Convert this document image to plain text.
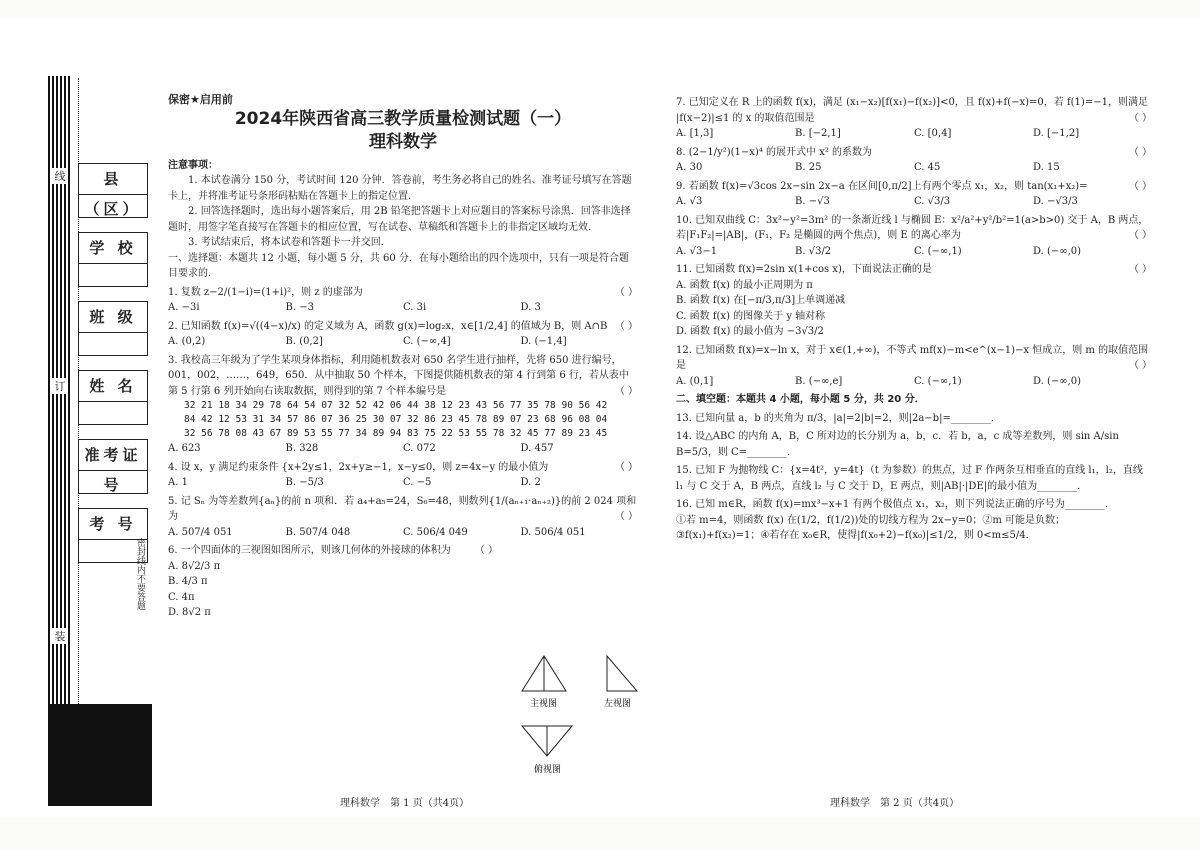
线
订
装
县（区）
学 校
班 级
姓 名
准考证号
考 号
密封线内不要答题

保密★启用前

2024年陕西省高三教学质量检测试题（一）
理科数学

注意事项：

1. 本试卷满分 150 分，考试时间 120 分钟．答卷前，考生务必将自己的姓名、准考证号填写在答题卡上，并将准考证号条形码粘贴在答题卡上的指定位置．

2. 回答选择题时，选出每小题答案后，用 2B 铅笔把答题卡上对应题目的答案标号涂黑．回答非选择题时，用签字笔直接写在答题卡的相应位置，写在试卷、草稿纸和答题卡上的非指定区域均无效．

3. 考试结束后，将本试卷和答题卡一并交回．

一、选择题：本题共 12 小题，每小题 5 分，共 60 分．在每小题给出的四个选项中，只有一项是符合题目要求的．

1. 复数 z−2/(1−i)=(1+i)²，则 z 的虚部为	（ ）

A. −3i	B. −3	C. 3i	D. 3

2. 已知函数 f(x)=√((4−x)/x) 的定义域为 A，函数 g(x)=log₂x，x∈[1/2,4] 的值域为 B，则 A∩B （ ）

A. (0,2)	B. (0,2]	C. (−∞,4]	D. (−1,4]

3. 我校高三年级为了学生某项身体指标，利用随机数表对 650 名学生进行抽样，先将 650 进行编号，001，002，……，649，650．从中抽取 50 个样本，下图提供随机数表的第 4 行到第 6 行，若从表中第 5 行第 6 列开始向右读取数据，则得到的第 7 个样本编号是	（ ）

32 21 18 34 29 78 64 54 07 32 52 42 06 44 38 12 23 43 56 77 35 78 90 56 42
84 42 12 53 31 34 57 86 07 36 25 30 07 32 86 23 45 78 89 07 23 68 96 08 04
32 56 78 08 43 67 89 53 55 77 34 89 94 83 75 22 53 55 78 32 45 77 89 23 45
A. 623	B. 328	C. 072	D. 457

4. 设 x，y 满足约束条件 {x+2y≤1，2x+y≥−1，x−y≤0，则 z=4x−y 的最小值为	（ ）

A. 1	B. −5/3	C. −5	D. 2

5. 记 Sₙ 为等差数列{aₙ}的前 n 项和．若 a₄+a₅=24，S₆=48，则数列{1/(aₙ₊₁·aₙ₊₂)}的前 2 024 项和为	（ ）

A. 507/4 051	B. 507/4 048	C. 506/4 049	D. 506/4 051

6. 一个四面体的三视图如图所示，则该几何体的外接球的体积为 （ ）

A. 8√2/3 π

B. 4/3 π

C. 4π

D. 8√2 π

主视图	左视图
俯视图

7. 已知定义在 R 上的函数 f(x)，满足 (x₁−x₂)[f(x₁)−f(x₂)]<0，且 f(x)+f(−x)=0，若 f(1)=−1，则满足 |f(x−2)|≤1 的 x 的取值范围是	（ ）

A. [1,3]	B. [−2,1]	C. [0,4]	D. [−1,2]

8. (2−1/y²)(1−x)⁴ 的展开式中 x² 的系数为	（ ）

A. 30	B. 25	C. 45	D. 15

9. 若函数 f(x)=√3cos 2x−sin 2x−a 在区间[0,π/2]上有两个零点 x₁，x₂，则 tan(x₁+x₂)=	（ ）

A. √3	B. −√3	C. √3/3	D. −√3/3

10. 已知双曲线 C：3x²−y²=3m² 的一条渐近线 l 与椭圆 E：x²/a²+y²/b²=1(a>b>0) 交于 A，B 两点，若|F₁F₂|=|AB|，(F₁，F₂ 是椭圆的两个焦点)，则 E 的离心率为	（ ）

A. √3−1	B. √3/2	C. (−∞,1)	D. (−∞,0)

11. 已知函数 f(x)=2sin x(1+cos x)，下面说法正确的是	（ ）

A. 函数 f(x) 的最小正周期为 π

B. 函数 f(x) 在[−π/3,π/3]上单调递减

C. 函数 f(x) 的图像关于 y 轴对称

D. 函数 f(x) 的最小值为 −3√3/2

12. 已知函数 f(x)=x−ln x，对于 x∈(1,+∞)，不等式 mf(x)−m<e^(x−1)−x 恒成立，则 m 的取值范围是	（ ）

A. (0,1]	B. (−∞,e]	C. (−∞,1)	D. (−∞,0)

二、填空题：本题共 4 小题，每小题 5 分，共 20 分．

13. 已知向量 a，b 的夹角为 π/3，|a|=2|b|=2，则|2a−b|=________．

14. 设△ABC 的内角 A，B，C 所对边的长分别为 a，b，c．若 b，a，c 成等差数列，则 sin A/sin B=5/3，则 C=________．

15. 已知 F 为抛物线 C：{x=4t²，y=4t}（t 为参数）的焦点，过 F 作两条互相垂直的直线 l₁，l₂，直线 l₁ 与 C 交于 A，B 两点，直线 l₂ 与 C 交于 D，E 两点，则|AB|·|DE|的最小值为________．

16. 已知 m∈R，函数 f(x)=mx³−x+1 有两个极值点 x₁，x₂，则下列说法正确的序号为________．

①若 m=4，则函数 f(x) 在(1/2，f(1/2))处的切线方程为 2x−y=0；②m 可能是负数；

③f(x₁)+f(x₂)=1；④若存在 x₀∈R，使得|f(x₀+2)−f(x₀)|≤1/2，则 0<m≤5/4．

理科数学　第 1 页（共4页）	理科数学　第 2 页（共4页）
